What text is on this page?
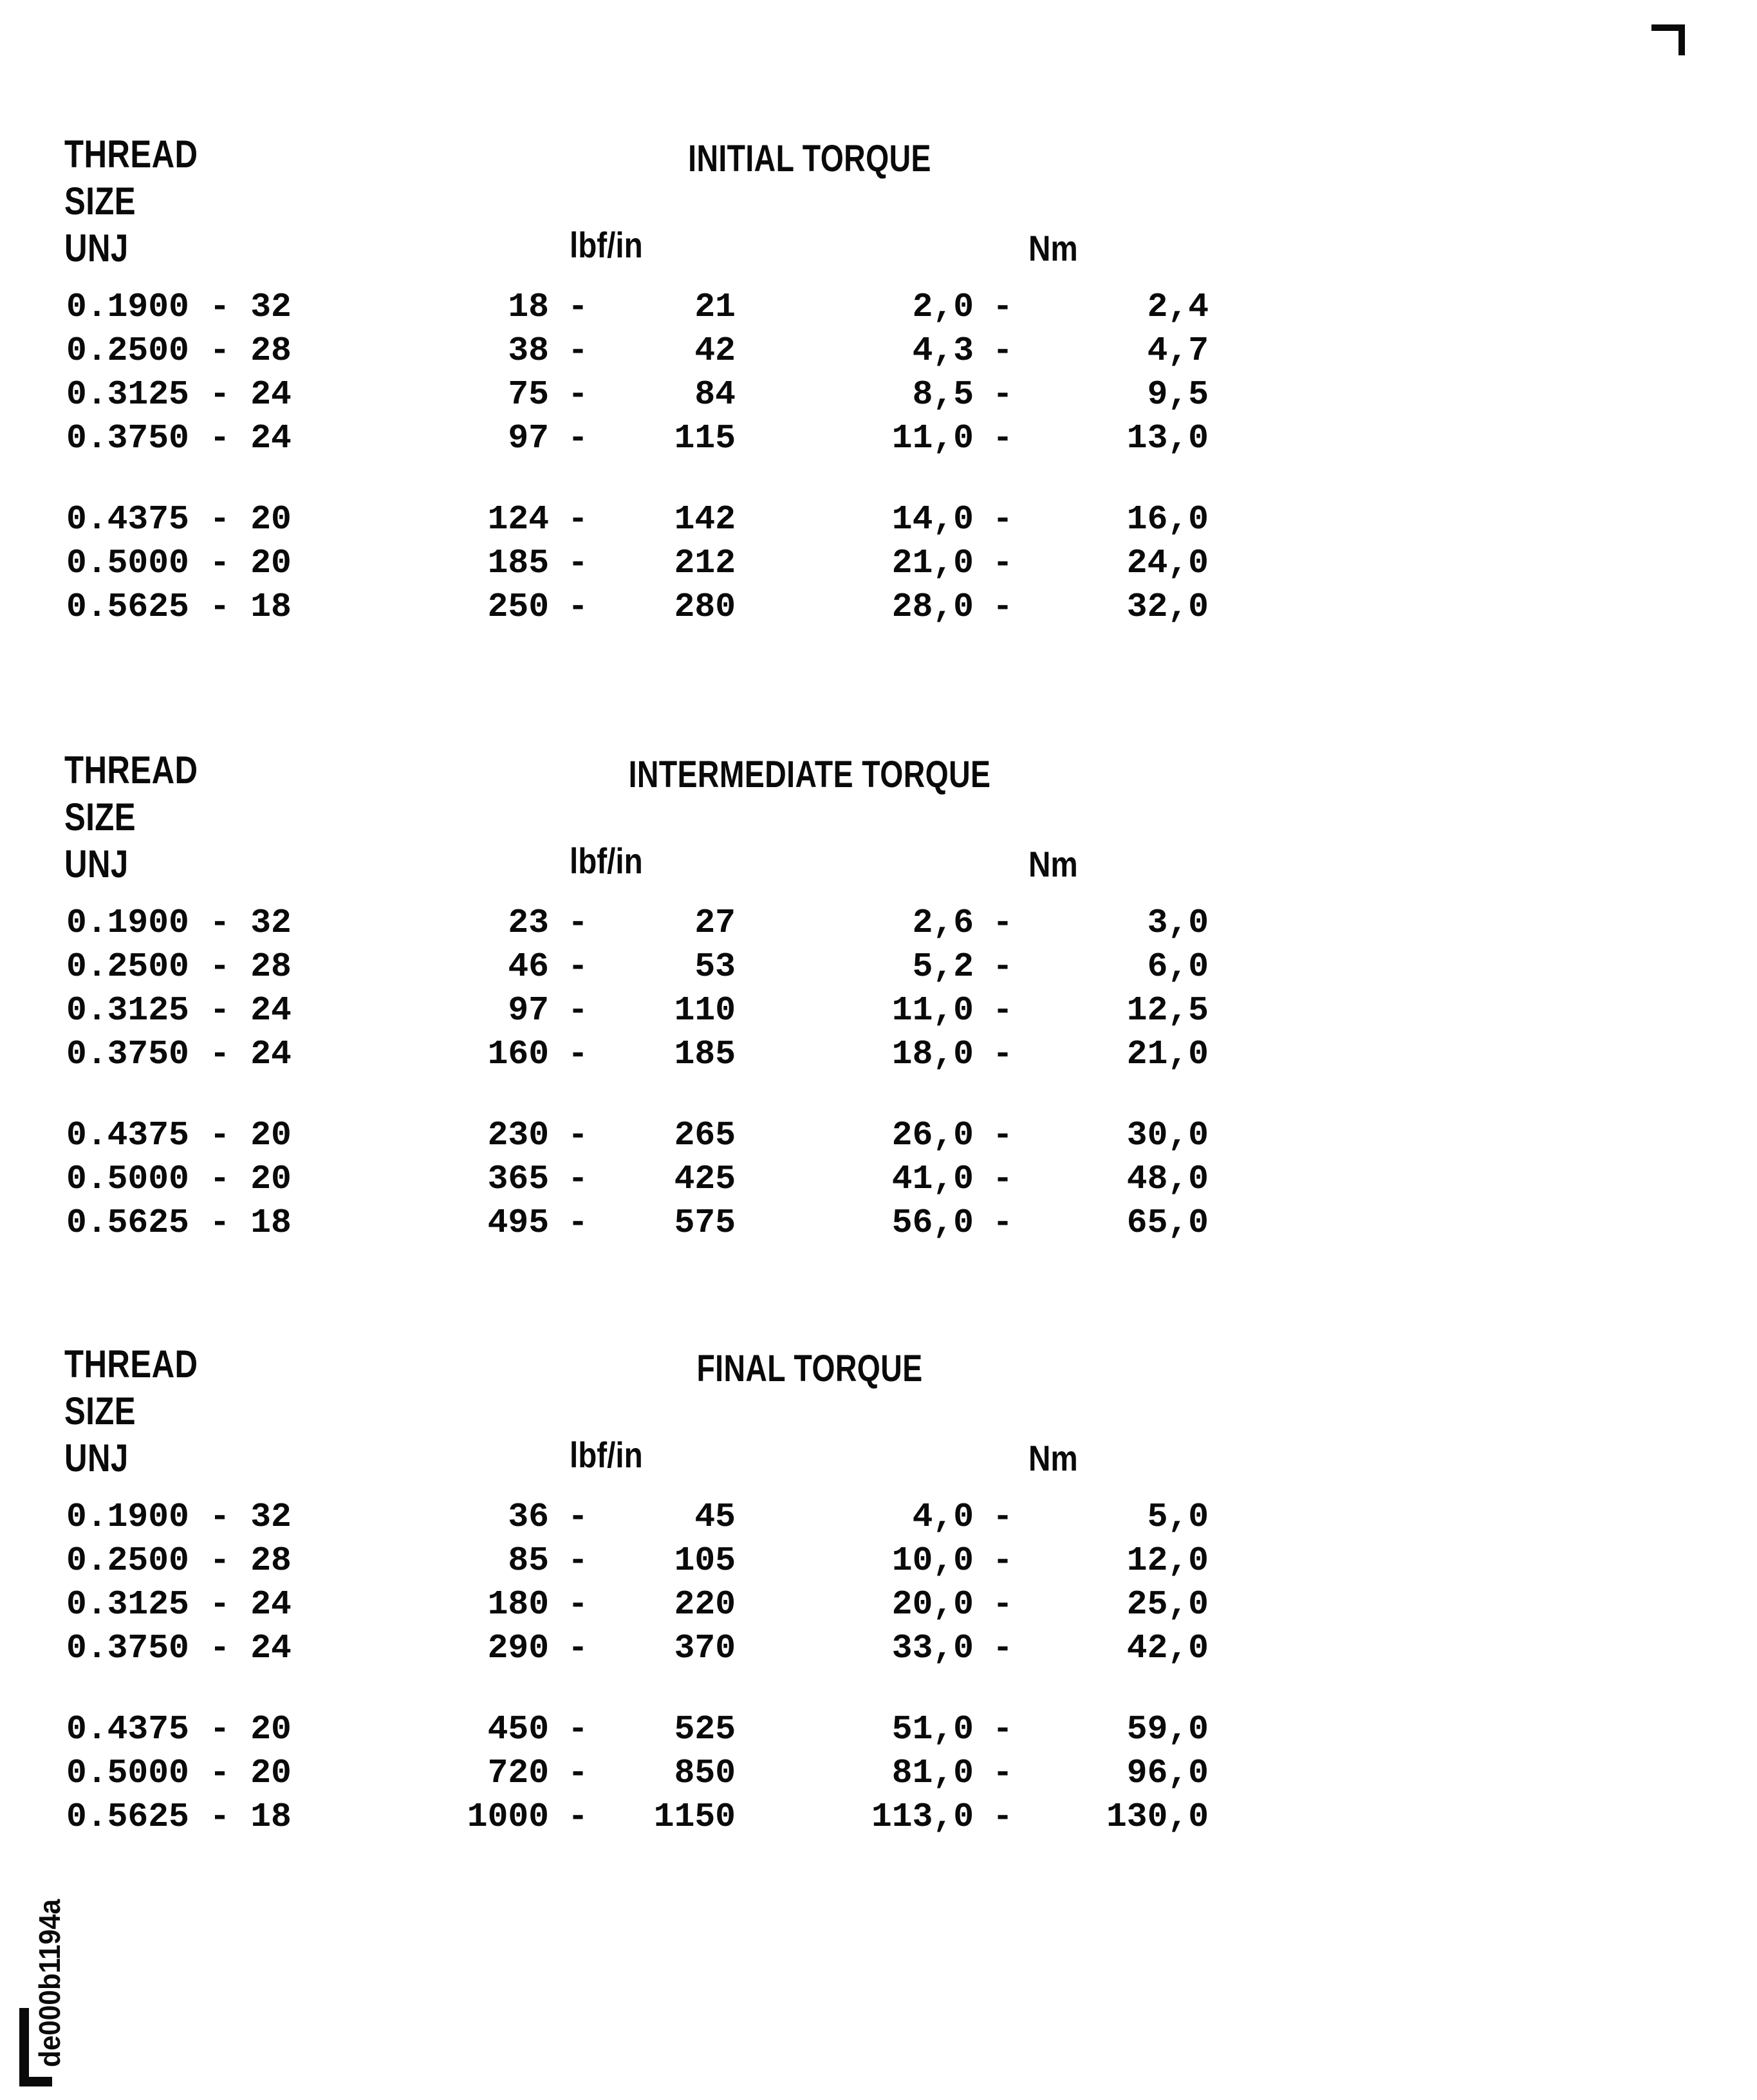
THREAD
SIZE
UNJ
INITIAL TORQUE
lbf/in	Nm
0.1900 - 32	18 -	21	2,0 -	2,4
0.2500 - 28	38 -	42	4,3 -	4,7
0.3125 - 24	75 -	84	8,5 -	9,5
0.3750 - 24	97 -	115	11,0 -	13,0
0.4375 - 20	124 -	142	14,0 -	16,0
0.5000 - 20	185 -	212	21,0 -	24,0
0.5625 - 18	250 -	280	28,0 -	32,0
THREAD
SIZE
UNJ
INTERMEDIATE TORQUE
lbf/in	Nm
0.1900 - 32	23 -	27	2,6 -	3,0
0.2500 - 28	46 -	53	5,2 -	6,0
0.3125 - 24	97 -	110	11,0 -	12,5
0.3750 - 24	160 -	185	18,0 -	21,0
0.4375 - 20	230 -	265	26,0 -	30,0
0.5000 - 20	365 -	425	41,0 -	48,0
0.5625 - 18	495 -	575	56,0 -	65,0
THREAD
SIZE
UNJ
FINAL TORQUE
lbf/in	Nm
0.1900 - 32	36 -	45	4,0 -	5,0
0.2500 - 28	85 -	105	10,0 -	12,0
0.3125 - 24	180 -	220	20,0 -	25,0
0.3750 - 24	290 -	370	33,0 -	42,0
0.4375 - 20	450 -	525	51,0 -	59,0
0.5000 - 20	720 -	850	81,0 -	96,0
0.5625 - 18	1000 -	1150	113,0 -	130,0
de000b1194a
